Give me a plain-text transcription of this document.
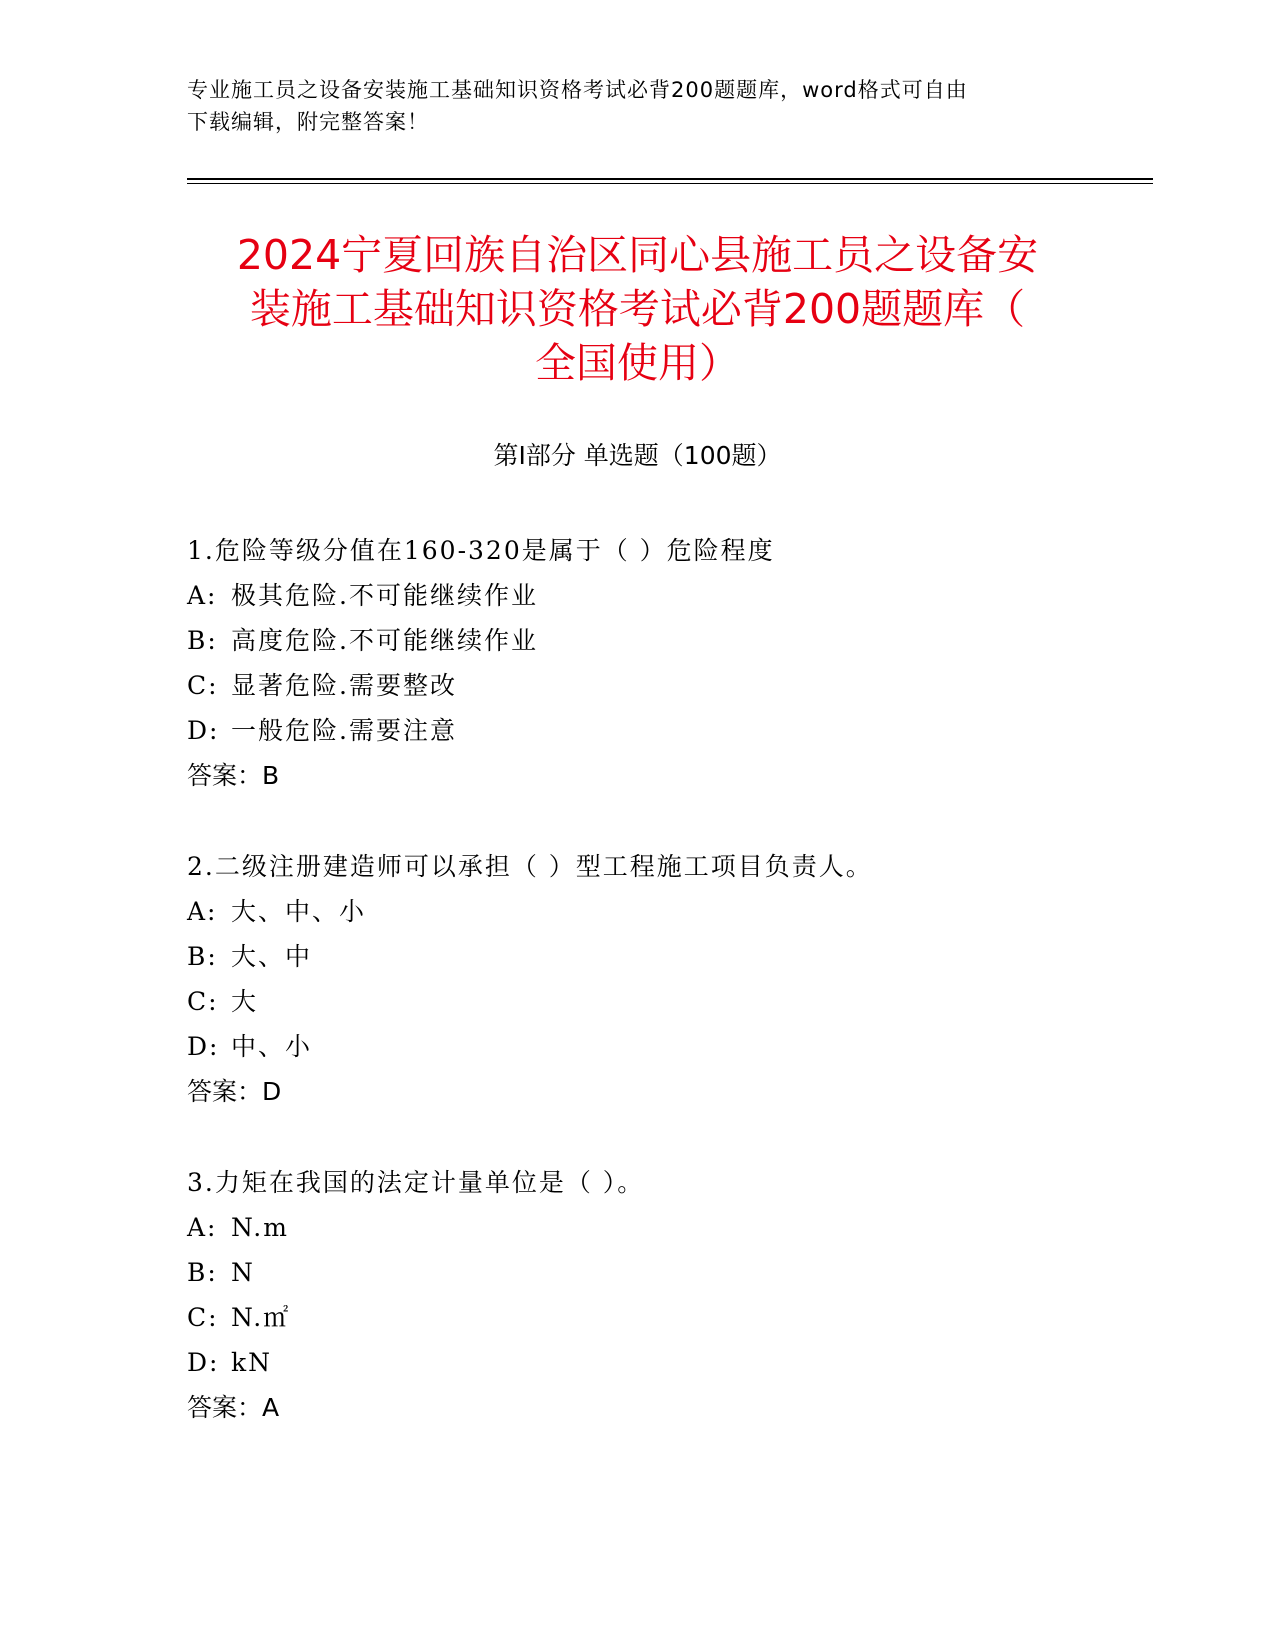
专业施工员之设备安装施工基础知识资格考试必背200题题库，word格式可自由
下载编辑，附完整答案！
2024宁夏回族自治区同心县施工员之设备安
装施工基础知识资格考试必背200题题库（
全国使用）
第Ⅰ部分 单选题（100题）
1.危险等级分值在160-320是属于（ ）危险程度
A: 极其危险.不可能继续作业
B: 高度危险.不可能继续作业
C: 显著危险.需要整改
D: 一般危险.需要注意
答案：B
2.二级注册建造师可以承担（ ）型工程施工项目负责人。
A: 大、中、小
B: 大、中
C: 大
D: 中、小
答案：D
3.力矩在我国的法定计量单位是（ ）。
A: N.m
B: N
C: N.㎡
D: kN
答案：A
